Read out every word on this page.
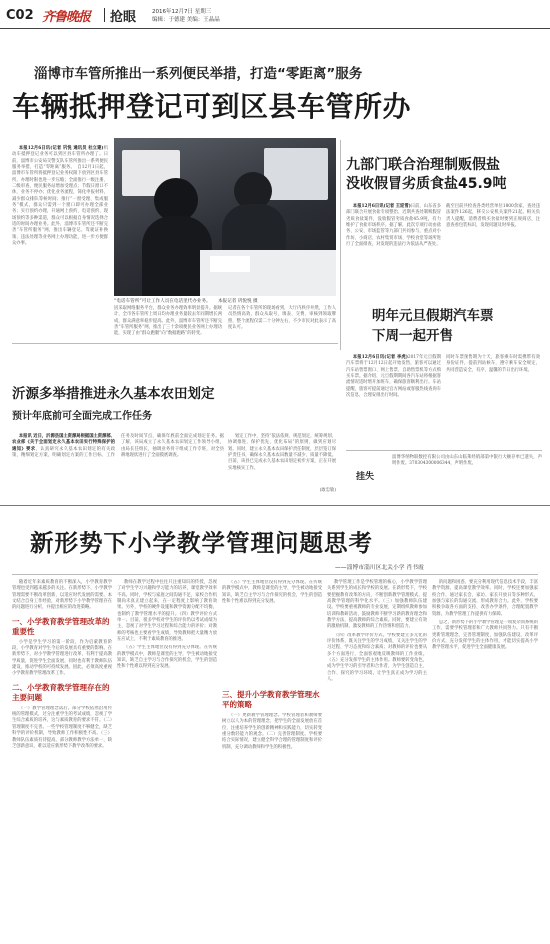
C02 齐鲁晚报 抢眼	2016年12月7日 星期三
编辑：于德建 美编：王晶晶
淄博市车管所推出一系列便民举措，打造“零距离”服务
车辆抵押登记可到区县车管所办

本报12月6日讯(记者 巩悦 通讯员 杜立建)机动车抵押登记业务可以到区县车管所办理了。日前，淄博市公安局交警支队车管所推出一系列便民服务举措，打造“零距离”服务。　自12月1日起，淄博市车管所将抵押登记业务权限下放到区县车管所，办理时限也进一步压缩；全面推行一级注册、二级审查，便民服务站增加受理点；节假日窗口不休，业务不停办；优化业务流程，简化申报材料，减少群众排队等候时间；推行“一窗受理、集成服务”模式，群众只需到一个窗口即可办理全部业务；实行预约办理，开通网上预约、电话预约、现场预约等多种渠道，群众可以根据自身情况选择合适的时间办理业务。此外，淄博市车管所还不断完善“车管所服务”网，推出车辆登记、驾驶证补换领、违法处理等业务网上办理功能，进一步方便群众办事。

“电话车管所”可让工作人员在电话里代办业务。 本报记者 巩悦悦 摄
因采取网络服务平台，群众业务办理效率明显提升。据统计，全市各车管所上周日均办理业务量较去年同期增长两成，群众满意率稳步提高。此外，淄博市车管所还不断完善“车管所服务”网，推出了三十余项便民业务网上办理功能，实现了由“群众跑腿”向“数据跑路”的转变。
记者在各个车管所的现场看到，大厅内秩序井然，工作人员热情高效，群众从取号、填表、交费、审核到领取牌照，整个流程仅需二十分钟左右，不少市民对此表示了高度认可。
九部门联合治理制贩假盐
没收假冒劣质食盐45.9吨

本报12月6日讯(记者 王迎雪)日前，山东省多部门联合开展食盐专项整治，近期共查处制贩假冒劣质食盐案件，没收假冒劣质食盐45.9吨，有力维护了食盐市场秩序。据了解，此次专项行动由盐务、公安、市场监管等九部门共同参与，重点对小作坊、小商店、农村集贸市场、学校食堂等场所进行了全面排查，对发现的违法行为依法从严查处。

截至目前共检查各类经营单位1800余家，查处违法案件126起，移交公安机关案件21起。相关负责人提醒，消费者购买食盐时要到正规商店，注意查看包装标识，发现问题及时举报。
明年元旦假期汽车票
下周一起开售

本报12月6日讯(记者 李虎)2017年元旦假期汽车票将于12月12日起开始发售，旅客可以通过汽车站售票窗口、网上售票、自助售票机等方式购买车票。据介绍，元旦假期期间各汽车站将根据客流情况适时增开加班车，确保旅客顺利出行。车站提醒，旅客可提前通过官方网站或客服热线查询车次信息，合理安排出行时间。

同时车票预售期为十天，旅客乘车时需携带有效身份证件，提前到站候车，遵守乘车安全规定，共同营造安全、有序、温馨的节日出行环境。
沂源多举措推进永久基本农田划定
预计年底前可全面完成工作任务

本报讯 近日，沂源县国土资源局根据国土资源部、农业部《关于全面划定永久基本农田实行特殊保护的通知》要求，认真研究永久基本农田划定的有关政策，精细划定方案，明确划定方案的工作目标、工作任务及时间节点，确保年底前全面完成划定任务。据了解，该局成立了永久基本农田划定工作领导小组，由局长任组长，抽调业务骨干组成工作专班，对全县耕地现状进行了全面摸底调查。

划定工作中，坚持“依法依规、规范划定，统筹规划、协调推进，保护优先、优化布局”的原则，做到应划尽划。同时，建立永久基本农田保护责任制度，层层签订保护责任书，确保永久基本农田数量不减少、质量不降低。目前，该县已完成永久基本农田划定初步方案，正在开展实地核实工作。

(敢忠敏)
挂失
淄博华纳物联数控有限公司由山东山临莱经销部第中银行大额存单已遗失，声明作废。370304300006344，声明作废。
新形势下小学教学管理问题思考
——淄博市淄川区北关小学 肖书霞
随着近年来素质教育的不断深入，小学教育教学管理也受到越来越多的关注。在新形势下，小学教学管理需要不断改革创新，以适应时代发展的需要。本文结合自身工作经验，对新形势下小学教学管理存在的问题进行分析，并提出相应的改进策略。
一、小学教育教学管理改革的重要性
小学是学生学习的第一阶段，作为启蒙教育阶段，小学教育对学生今后的发展具有重要的影响。在新形势下，对小学教学管理进行改革，有利于提高教学质量，促进学生全面发展，同时也有利于教师队伍建设，推动学校的可持续发展。因此，必须高度重视小学教育教学管理改革工作。
二、小学教育教学管理存在的主要问题
（一）教学管理理念落后。部分学校依然沿用传统的管理模式，过分注重学生的考试成绩，忽视了学生综合素质的培养，这与素质教育的要求不符。（二）管理制度不完善。一些学校管理制度不够健全，缺乏科学的评价机制，导致教师工作积极性不高。（三）教师队伍素质有待提高。部分教师教学方法单一，缺乏创新意识，难以适应新形势下教学改革的要求。
教师在教学过程中往往只注重知识的传授，忽视了对学生学习兴趣和学习能力的培养，课堂教学效率不高。同时，学校与家庭之间沟通不足，家校合作机制尚未真正建立起来，在一定程度上影响了教育效果。另外，学校的硬件设施和教学资源分配不均衡，也制约了教学管理水平的提升。（四）教学评价方式单一。目前，很多学校对学生的评价仍以考试成绩为主，忽视了对学生学习过程和综合能力的评价；对教师的考核也主要看学生成绩，导致教师把大量精力放在应试上，不利于素质教育的推进。
（五）学生主体地位没有得到充分体现。在传统的教学模式中，教师是课堂的主导，学生被动地接受知识，缺乏自主学习与合作探究的机会，学生的创造性和个性难以得到充分发展。
（五）学生主体地位没有得到充分体现。在传统的教学模式中，教师是课堂的主导，学生被动地接受知识，缺乏自主学习与合作探究的机会，学生的创造性和个性难以得到充分发展。
三、提升小学教育教学管理水平的策略
（一）更新教学管理理念。学校管理者和教师要树立以人为本的管理理念，把学生的全面发展放在首位，注重培养学生的创新精神和实践能力，切实转变重分数轻能力的观念。（二）完善管理制度。学校要结合实际情况，建立健全科学合理的管理制度和评价机制，充分调动教师和学生的积极性。
教学管理工作是学校管理的核心，小学教学管理关系到学生的成长和学校的发展。在新形势下，学校要把握教育改革的方向，不断创新教学管理模式，提高教学管理的科学化水平。（三）加强教师队伍建设。学校要重视教师的专业发展，定期组织教师参加培训和教研活动，鼓励教师不断学习新的教育理念和教学方法，提高教师的综合素质。同时，要建立有效的激励机制，激发教师的工作热情和创造力。
（四）改革教学评价方式。学校要建立多元化的评价体系，既关注学生的学习成绩，又关注学生的学习过程、学习态度和综合素质；对教师的评价也要从多个方面进行，全面客观地反映教师的工作业绩。（五）充分发挥学生的主体作用。教师要转变角色，成为学生学习的引导者和合作者，为学生创造自主、合作、探究的学习环境，让学生真正成为学习的主人。
的问题和困惑，要充分利用现代信息技术手段，丰富教学资源，提高课堂教学效率。同时，学校还要加强家校合作，通过家长会、家访、家长开放日等多种形式，加强与家长的沟通交流，形成教育合力。此外，学校要积极争取各方面的支持，改善办学条件，合理配置教学资源，为教学管理工作提供有力保障。
总之，新形势下的小学教学管理是一项复杂而系统的工作，需要学校管理者和广大教师共同努力。只有不断更新管理理念，完善管理制度，加强队伍建设，改革评价方式，充分发挥学生的主体作用，才能切实提高小学教学管理水平，促进学生全面健康发展。
